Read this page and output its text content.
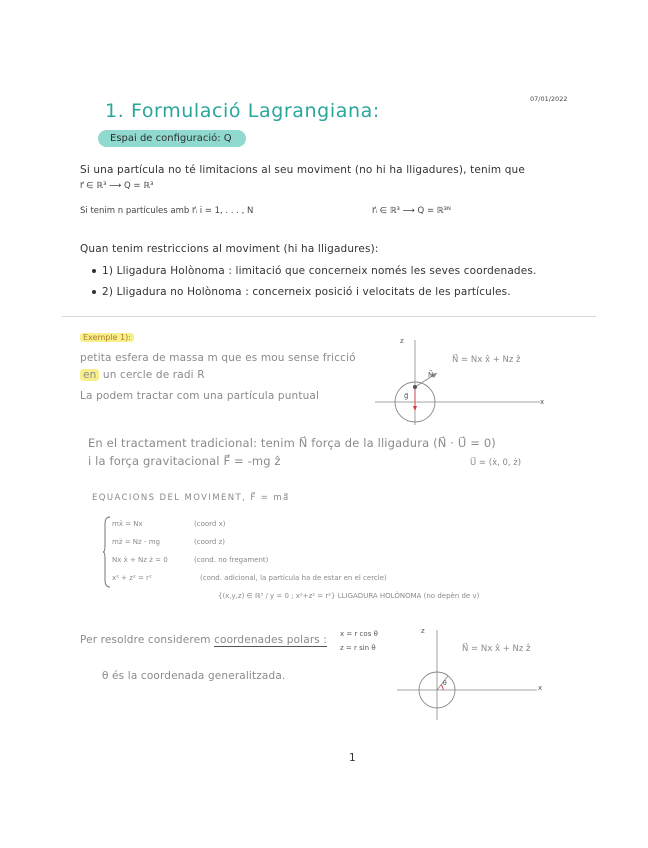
07/01/2022
1. Formulació Lagrangiana:
Espai de configuració: Q
Si una partícula no té limitacions al seu moviment (no hi ha lligadures), tenim que
r⃗ ∈ ℝ³ ⟶ Q = ℝ³
Si tenim n partícules amb r⃗ᵢ i = 1, . . . , N	r⃗ᵢ ∈ ℝ³ ⟶ Q = ℝ³ᴺ
Quan tenim restriccions al moviment (hi ha lligadures):
1) Lligadura Holònoma : limitació que concerneix només les seves coordenades.
2) Lligadura no Holònoma : concerneix posició i velocitats de les partícules.
Exemple 1):
petita esfera de massa m que es mou sense fricció
en un cercle de radi R
La podem tractar com una partícula puntual
z
x
N⃗
g⃗
N⃗ = Nx x̂ + Nz ẑ
En el tractament tradicional: tenim N⃗ força de la lligadura (N⃗ · U⃗ = 0)
i la força gravitacional F⃗ = -mg ẑ	U⃗ = (ẋ, 0, ż)
EQUACIONS DEL MOVIMENT, F⃗ = mä⃗
mẍ = Nx	(coord x)
mz̈ = Nz - mg	(coord z)
Nx ẋ + Nz ż = 0	(cond. no fregament)
x² + z² = r²	(cond. adicional, la partícula ha de estar en el cercle)
{(x,y,z) ∈ ℝ³ / y = 0 ; x²+z² = r²} LLIGADURA HOLÒNOMA (no depèn de v)
Per resoldre considerem coordenades polars : x = r cos θ
z = r sin θ
θ és la coordenada generalitzada.
z
x
θ
N⃗ = Nx x̂ + Nz ẑ
1
